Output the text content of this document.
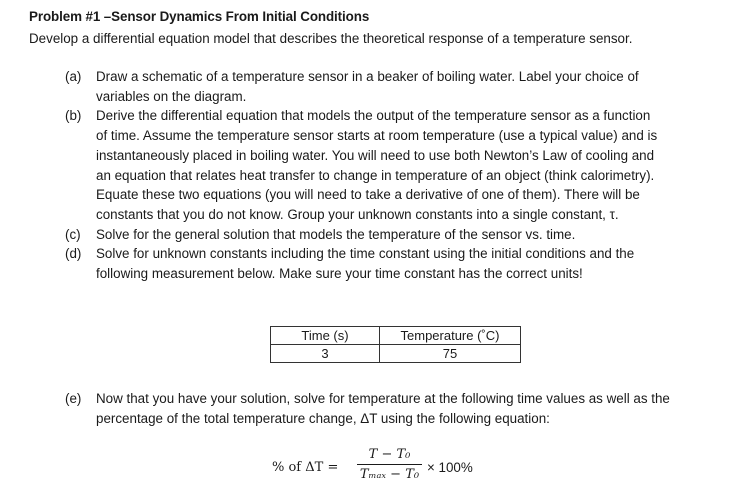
Problem #1 –Sensor Dynamics From Initial Conditions
Develop a differential equation model that describes the theoretical response of a temperature sensor.
(a) Draw a schematic of a temperature sensor in a beaker of boiling water. Label your choice of variables on the diagram.
(b) Derive the differential equation that models the output of the temperature sensor as a function of time. Assume the temperature sensor starts at room temperature (use a typical value) and is instantaneously placed in boiling water. You will need to use both Newton’s Law of cooling and an equation that relates heat transfer to change in temperature of an object (think calorimetry). Equate these two equations (you will need to take a derivative of one of them). There will be constants that you do not know. Group your unknown constants into a single constant, τ.
(c) Solve for the general solution that models the temperature of the sensor vs. time.
(d) Solve for unknown constants including the time constant using the initial conditions and the following measurement below. Make sure your time constant has the correct units!
Time (s)	Temperature (˚C)
3	75
(e) Now that you have your solution, solve for temperature at the following time values as well as the percentage of the total temperature change, ΔT using the following equation:
% of ΔT =
T − T₀
Tₘₐₓ − T₀ × 100%
